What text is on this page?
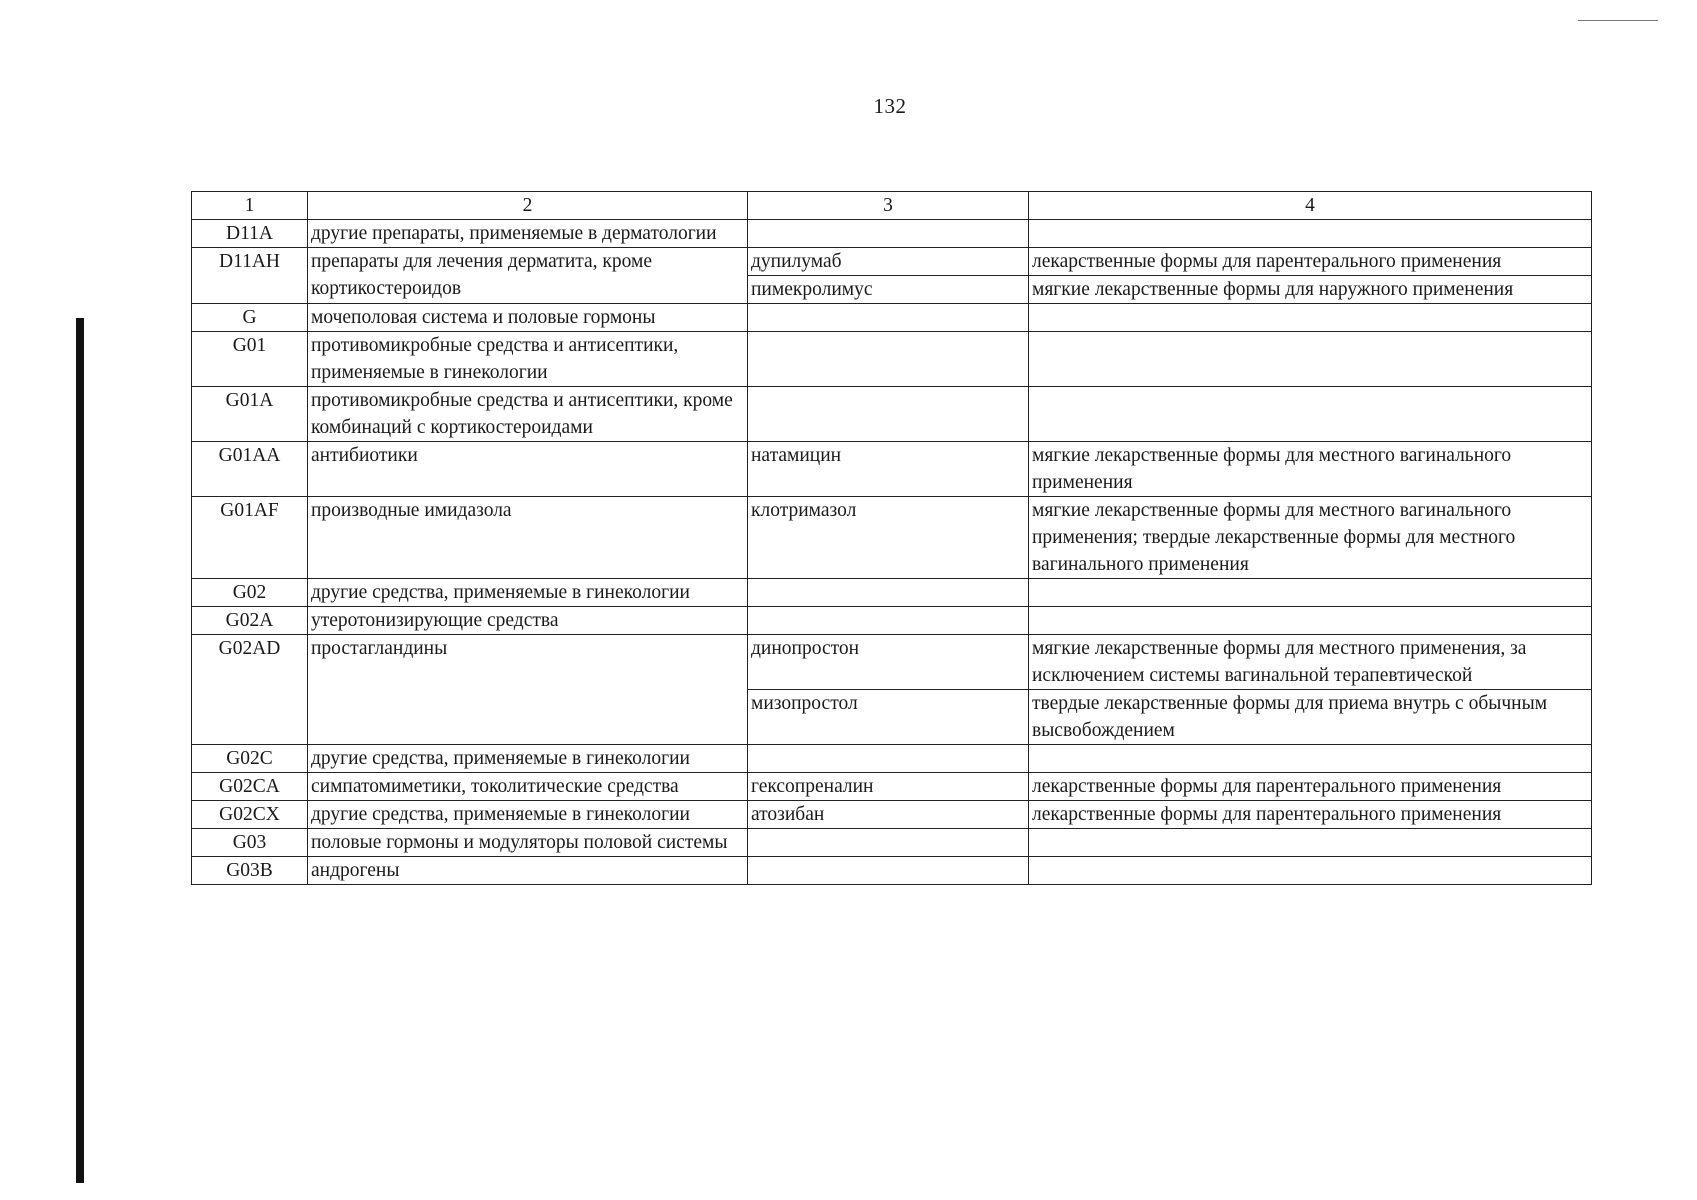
132
1	2	3	4
D11A	другие препараты, применяемые в дерматологии		
D11AH	препараты для лечения дерматита, кроме кортикостероидов	дупилумаб	лекарственные формы для парентерального применения
		пимекролимус	мягкие лекарственные формы для наружного применения
G	мочеполовая система и половые гормоны		
G01	противомикробные средства и антисептики, применяемые в гинекологии		
G01A	противомикробные средства и антисептики, кроме комбинаций с кортикостероидами		
G01AA	антибиотики	натамицин	мягкие лекарственные формы для местного вагинального применения
G01AF	производные имидазола	клотримазол	мягкие лекарственные формы для местного вагинального применения; твердые лекарственные формы для местного вагинального применения
G02	другие средства, применяемые в гинекологии		
G02A	утеротонизирующие средства		
G02AD	простагландины	динопростон	мягкие лекарственные формы для местного применения, за исключением системы вагинальной терапевтической
		мизопростол	твердые лекарственные формы для приема внутрь с обычным высвобождением
G02C	другие средства, применяемые в гинекологии		
G02CA	симпатомиметики, токолитические средства	гексопреналин	лекарственные формы для парентерального применения
G02CX	другие средства, применяемые в гинекологии	атозибан	лекарственные формы для парентерального применения
G03	половые гормоны и модуляторы половой системы		
G03B	андрогены		
